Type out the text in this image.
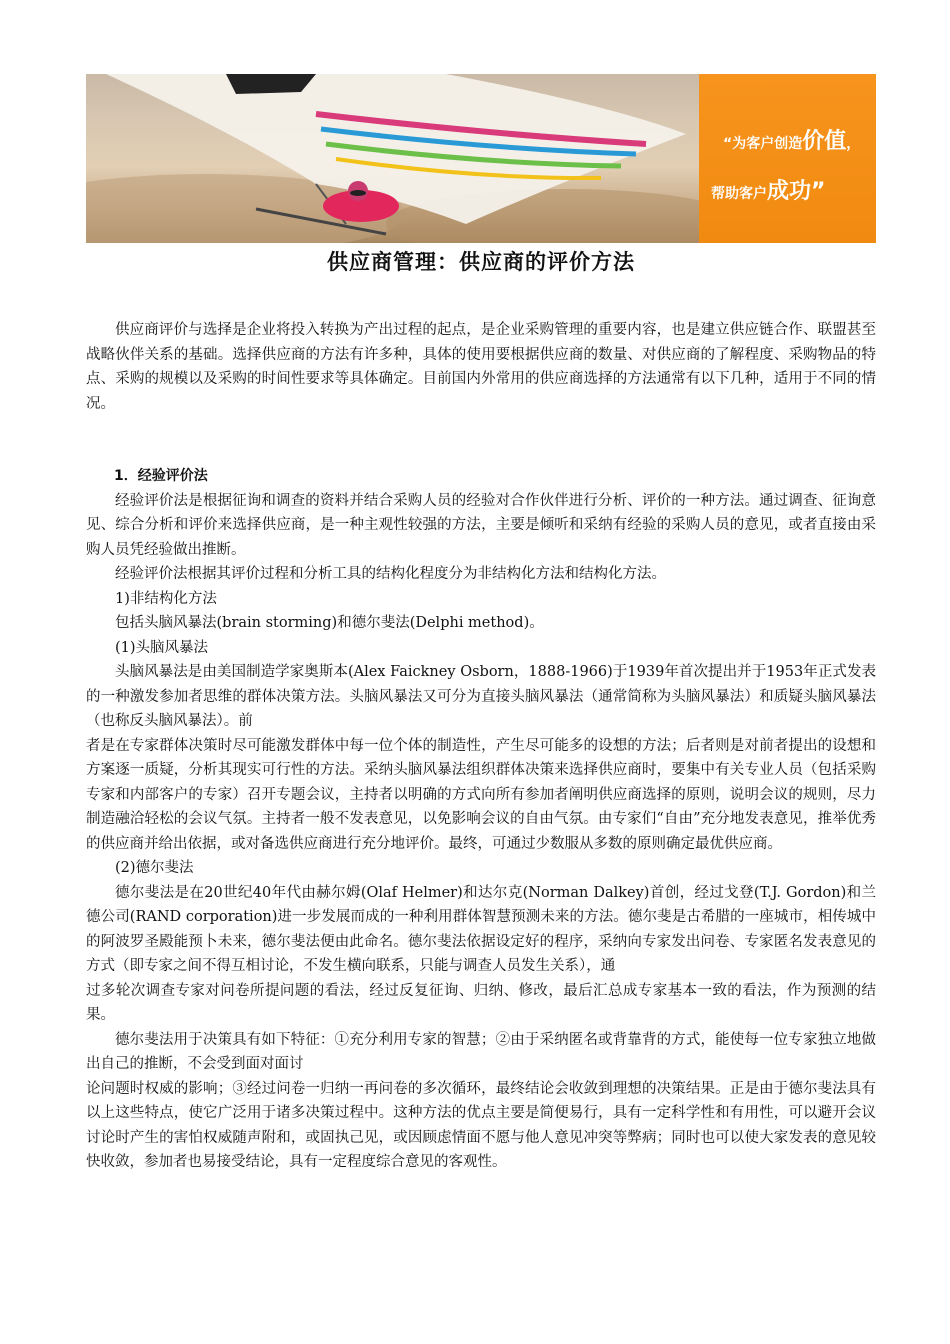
“为客户创造价值，
帮助客户成功”
供应商管理：供应商的评价方法

供应商评价与选择是企业将投入转换为产出过程的起点，是企业采购管理的重要内容，也是建立供应链合作、联盟甚至战略伙伴关系的基础。选择供应商的方法有许多种，具体的使用要根据供应商的数量、对供应商的了解程度、采购物品的特点、采购的规模以及采购的时间性要求等具体确定。目前国内外常用的供应商选择的方法通常有以下几种，适用于不同的情况。

1．经验评价法

经验评价法是根据征询和调查的资料并结合采购人员的经验对合作伙伴进行分析、评价的一种方法。通过调查、征询意见、综合分析和评价来选择供应商，是一种主观性较强的方法，主要是倾听和采纳有经验的采购人员的意见，或者直接由采购人员凭经验做出推断。

经验评价法根据其评价过程和分析工具的结构化程度分为非结构化方法和结构化方法。

1)非结构化方法

包括头脑风暴法(brain storming)和德尔斐法(Delphi method)。

(1)头脑风暴法

头脑风暴法是由美国制造学家奥斯本(Alex Faickney Osborn，1888-1966)于1939年首次提出并于1953年正式发表的一种激发参加者思维的群体决策方法。头脑风暴法又可分为直接头脑风暴法（通常简称为头脑风暴法）和质疑头脑风暴法（也称反头脑风暴法）。前

者是在专家群体决策时尽可能激发群体中每一位个体的制造性，产生尽可能多的设想的方法；后者则是对前者提出的设想和方案逐一质疑，分析其现实可行性的方法。采纳头脑风暴法组织群体决策来选择供应商时，要集中有关专业人员（包括采购专家和内部客户的专家）召开专题会议，主持者以明确的方式向所有参加者阐明供应商选择的原则，说明会议的规则，尽力制造融洽轻松的会议气氛。主持者一般不发表意见，以免影响会议的自由气氛。由专家们“自由”充分地发表意见，推举优秀的供应商并给出依据，或对备选供应商进行充分地评价。最终，可通过少数服从多数的原则确定最优供应商。

(2)德尔斐法

德尔斐法是在20世纪40年代由赫尔姆(Olaf Helmer)和达尔克(Norman Dalkey)首创，经过戈登(T.J. Gordon)和兰德公司(RAND corporation)进一步发展而成的一种利用群体智慧预测未来的方法。德尔斐是古希腊的一座城市，相传城中的阿波罗圣殿能预卜未来，德尔斐法便由此命名。德尔斐法依据设定好的程序，采纳向专家发出问卷、专家匿名发表意见的方式（即专家之间不得互相讨论，不发生横向联系，只能与调查人员发生关系），通

过多轮次调查专家对问卷所提问题的看法，经过反复征询、归纳、修改，最后汇总成专家基本一致的看法，作为预测的结果。

德尔斐法用于决策具有如下特征：①充分利用专家的智慧；②由于采纳匿名或背靠背的方式，能使每一位专家独立地做出自己的推断，不会受到面对面讨

论问题时权威的影响；③经过问卷一归纳一再问卷的多次循环，最终结论会收敛到理想的决策结果。正是由于德尔斐法具有以上这些特点，使它广泛用于诸多决策过程中。这种方法的优点主要是简便易行，具有一定科学性和有用性，可以避开会议讨论时产生的害怕权威随声附和，或固执己见，或因顾虑情面不愿与他人意见冲突等弊病；同时也可以使大家发表的意见较快收敛，参加者也易接受结论，具有一定程度综合意见的客观性。
